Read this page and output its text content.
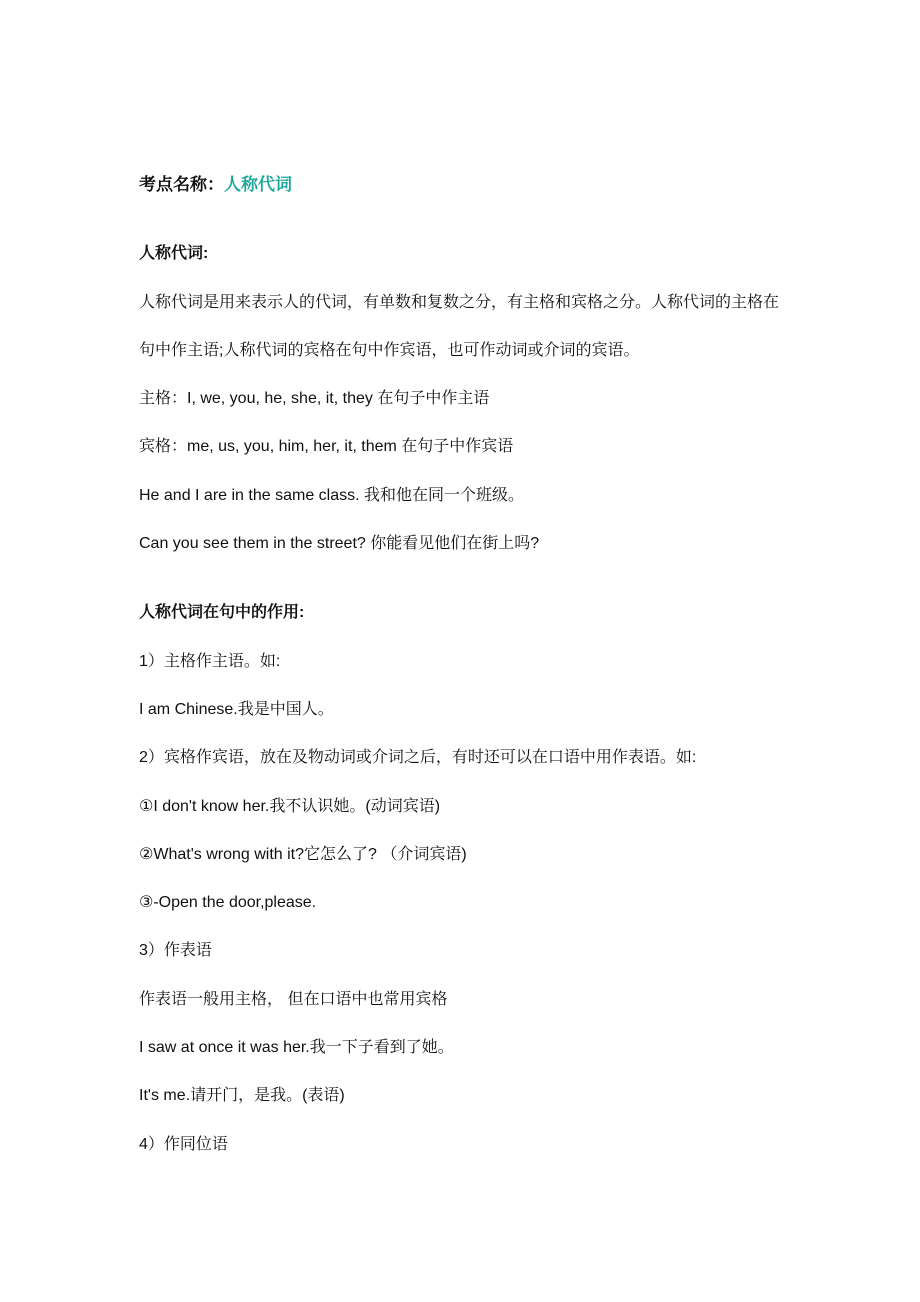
考点名称：人称代词
人称代词:
人称代词是用来表示人的代词，有单数和复数之分，有主格和宾格之分。人称代词的主格在
句中作主语;人称代词的宾格在句中作宾语，也可作动词或介词的宾语。
主格：I, we, you, he, she, it, they 在句子中作主语
宾格：me, us, you, him, her, it, them 在句子中作宾语
He and I are in the same class. 我和他在同一个班级。
Can you see them in the street? 你能看见他们在街上吗?
人称代词在句中的作用:
1）主格作主语。如:
I am Chinese.我是中国人。
2）宾格作宾语，放在及物动词或介词之后，有时还可以在口语中用作表语。如:
①I don't know her.我不认识她。(动词宾语)
②What's wrong with it?它怎么了? （介词宾语)
③-Open the door,please.
3）作表语
作表语一般用主格， 但在口语中也常用宾格
I saw at once it was her.我一下子看到了她。
It's me.请开门，是我。(表语)
4）作同位语
